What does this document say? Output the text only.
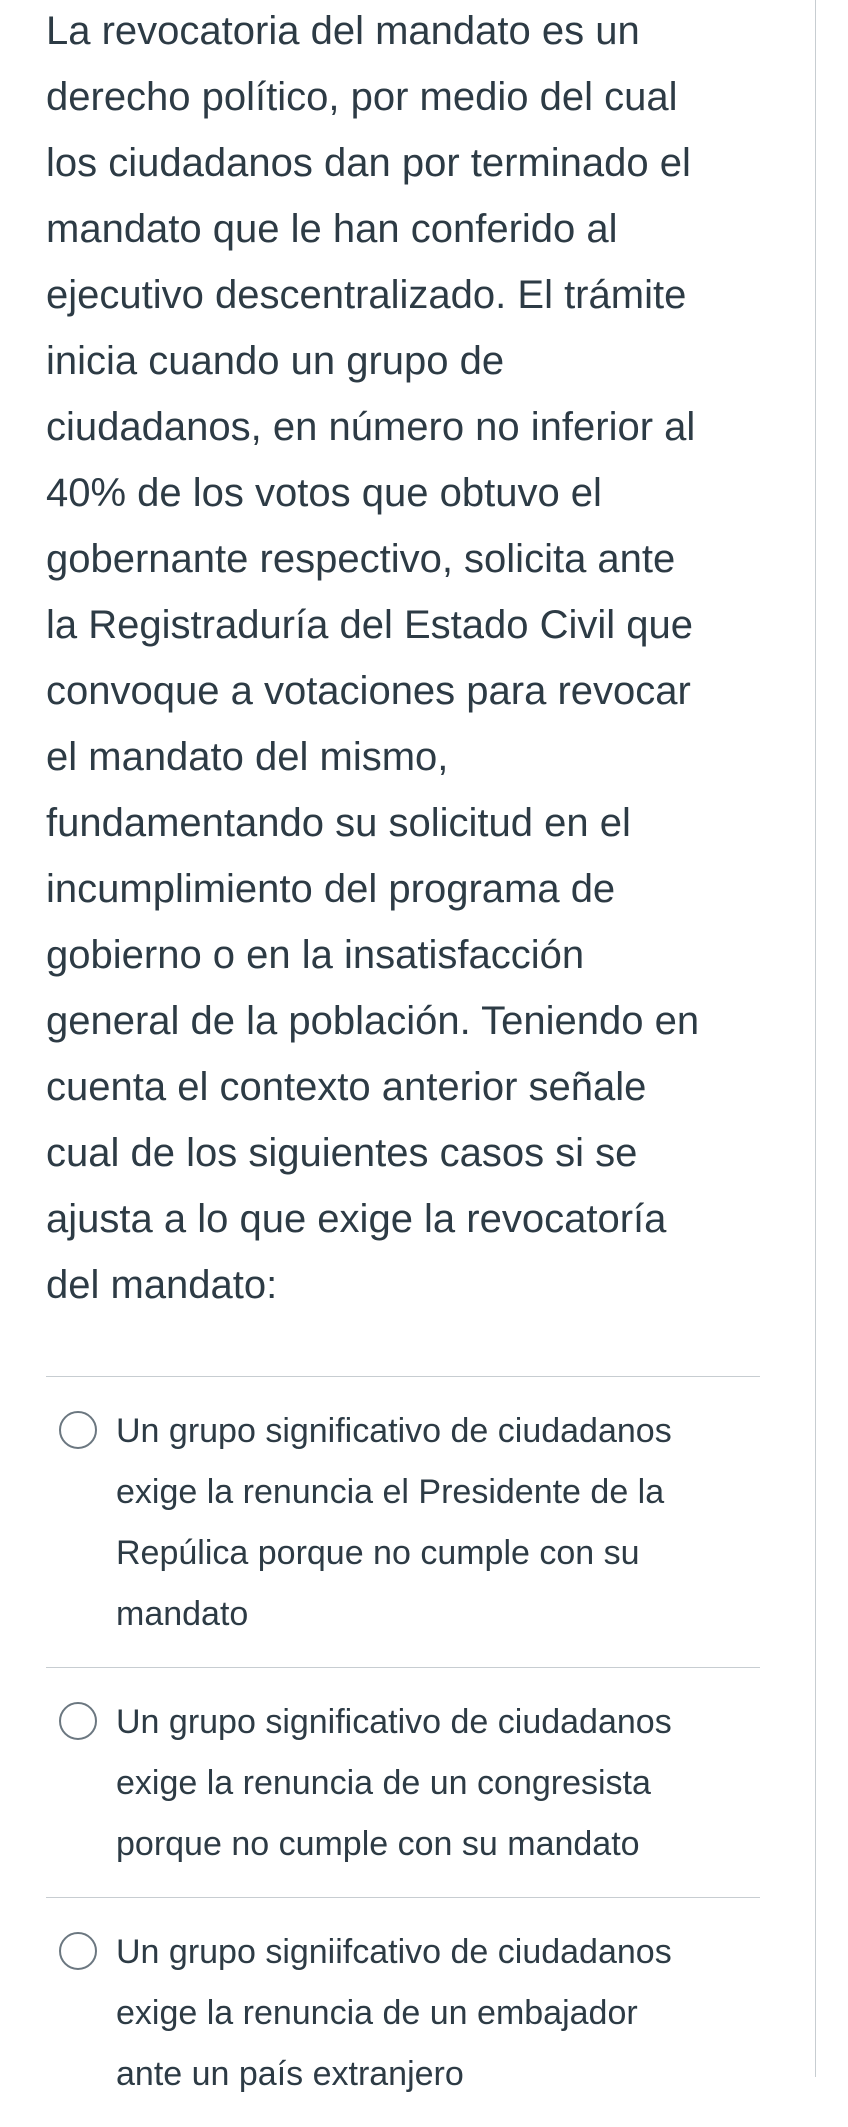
La revocatoria del mandato es un
derecho político, por medio del cual
los ciudadanos dan por terminado el
mandato que le han conferido al
ejecutivo descentralizado. El trámite
inicia cuando un grupo de
ciudadanos, en número no inferior al
40% de los votos que obtuvo el
gobernante respectivo, solicita ante
la Registraduría del Estado Civil que
convoque a votaciones para revocar
el mandato del mismo,
fundamentando su solicitud en el
incumplimiento del programa de
gobierno o en la insatisfacción
general de la población. Teniendo en
cuenta el contexto anterior señale
cual de los siguientes casos si se
ajusta a lo que exige la revocatoría
del mandato:

Un grupo significativo de ciudadanos
exige la renuncia el Presidente de la
Repúlica porque no cumple con su
mandato
Un grupo significativo de ciudadanos
exige la renuncia de un congresista
porque no cumple con su mandato
Un grupo signiifcativo de ciudadanos
exige la renuncia de un embajador
ante un país extranjero
